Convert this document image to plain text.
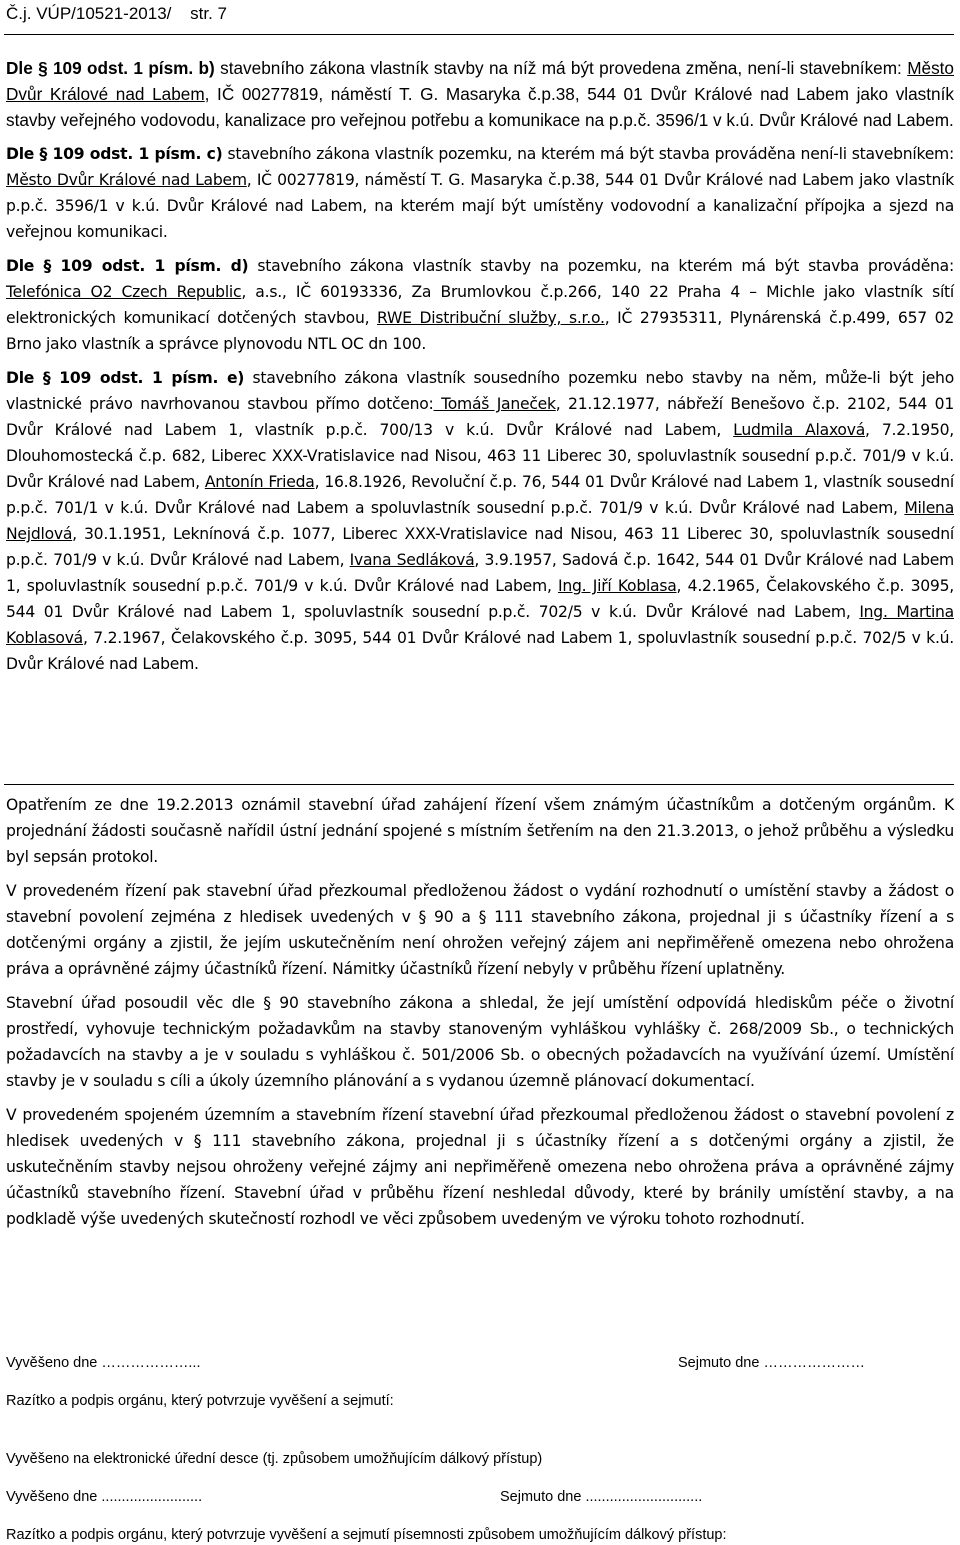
Č.j. VÚP/10521-2013/ str. 7

Dle § 109 odst. 1 písm. b) stavebního zákona vlastník stavby na níž má být provedena změna, není-li stavebníkem: Město Dvůr Králové nad Labem, IČ 00277819, náměstí T. G. Masaryka č.p.38, 544 01 Dvůr Králové nad Labem jako vlastník stavby veřejného vodovodu, kanalizace pro veřejnou potřebu a komunikace na p.p.č. 3596/1 v k.ú. Dvůr Králové nad Labem.

Dle § 109 odst. 1 písm. c) stavebního zákona vlastník pozemku, na kterém má být stavba prováděna není-li stavebníkem: Město Dvůr Králové nad Labem, IČ 00277819, náměstí T. G. Masaryka č.p.38, 544 01 Dvůr Králové nad Labem jako vlastník p.p.č. 3596/1 v k.ú. Dvůr Králové nad Labem, na kterém mají být umístěny vodovodní a kanalizační přípojka a sjezd na veřejnou komunikaci.

Dle § 109 odst. 1 písm. d) stavebního zákona vlastník stavby na pozemku, na kterém má být stavba prováděna: Telefónica O2 Czech Republic, a.s., IČ 60193336, Za Brumlovkou č.p.266, 140 22 Praha 4 – Michle jako vlastník sítí elektronických komunikací dotčených stavbou, RWE Distribuční služby, s.r.o., IČ 27935311, Plynárenská č.p.499, 657 02 Brno jako vlastník a správce plynovodu NTL OC dn 100.

Dle § 109 odst. 1 písm. e) stavebního zákona vlastník sousedního pozemku nebo stavby na něm, může-li být jeho vlastnické právo navrhovanou stavbou přímo dotčeno: Tomáš Janeček, 21.12.1977, nábřeží Benešovo č.p. 2102, 544 01 Dvůr Králové nad Labem 1, vlastník p.p.č. 700/13 v k.ú. Dvůr Králové nad Labem, Ludmila Alaxová, 7.2.1950, Dlouhomostecká č.p. 682, Liberec XXX-Vratislavice nad Nisou, 463 11 Liberec 30, spoluvlastník sousední p.p.č. 701/9 v k.ú. Dvůr Králové nad Labem, Antonín Frieda, 16.8.1926, Revoluční č.p. 76, 544 01 Dvůr Králové nad Labem 1, vlastník sousední p.p.č. 701/1 v k.ú. Dvůr Králové nad Labem a spoluvlastník sousední p.p.č. 701/9 v k.ú. Dvůr Králové nad Labem, Milena Nejdlová, 30.1.1951, Leknínová č.p. 1077, Liberec XXX-Vratislavice nad Nisou, 463 11 Liberec 30, spoluvlastník sousední p.p.č. 701/9 v k.ú. Dvůr Králové nad Labem, Ivana Sedláková, 3.9.1957, Sadová č.p. 1642, 544 01 Dvůr Králové nad Labem 1, spoluvlastník sousední p.p.č. 701/9 v k.ú. Dvůr Králové nad Labem, Ing. Jiří Koblasa, 4.2.1965, Čelakovského č.p. 3095, 544 01 Dvůr Králové nad Labem 1, spoluvlastník sousední p.p.č. 702/5 v k.ú. Dvůr Králové nad Labem, Ing. Martina Koblasová, 7.2.1967, Čelakovského č.p. 3095, 544 01 Dvůr Králové nad Labem 1, spoluvlastník sousední p.p.č. 702/5 v k.ú. Dvůr Králové nad Labem.

Opatřením ze dne 19.2.2013 oznámil stavební úřad zahájení řízení všem známým účastníkům a dotčeným orgánům. K projednání žádosti současně nařídil ústní jednání spojené s místním šetřením na den 21.3.2013, o jehož průběhu a výsledku byl sepsán protokol.

V provedeném řízení pak stavební úřad přezkoumal předloženou žádost o vydání rozhodnutí o umístění stavby a žádost o stavební povolení zejména z hledisek uvedených v § 90 a § 111 stavebního zákona, projednal ji s účastníky řízení a s dotčenými orgány a zjistil, že jejím uskutečněním není ohrožen veřejný zájem ani nepřiměřeně omezena nebo ohrožena práva a oprávněné zájmy účastníků řízení. Námitky účastníků řízení nebyly v průběhu řízení uplatněny.

Stavební úřad posoudil věc dle § 90 stavebního zákona a shledal, že její umístění odpovídá hlediskům péče o životní prostředí, vyhovuje technickým požadavkům na stavby stanoveným vyhláškou vyhlášky č. 268/2009 Sb., o technických požadavcích na stavby a je v souladu s vyhláškou č. 501/2006 Sb. o obecných požadavcích na využívání území. Umístění stavby je v souladu s cíli a úkoly územního plánování a s vydanou územně plánovací dokumentací.

V provedeném spojeném územním a stavebním řízení stavební úřad přezkoumal předloženou žádost o stavební povolení z hledisek uvedených v § 111 stavebního zákona, projednal ji s účastníky řízení a s dotčenými orgány a zjistil, že uskutečněním stavby nejsou ohroženy veřejné zájmy ani nepřiměřeně omezena nebo ohrožena práva a oprávněné zájmy účastníků stavebního řízení. Stavební úřad v průběhu řízení neshledal důvody, které by bránily umístění stavby, a na podkladě výše uvedených skutečností rozhodl ve věci způsobem uvedeným ve výroku tohoto rozhodnutí.

Vyvěšeno dne ………………...	Sejmuto dne …………………
Razítko a podpis orgánu, který potvrzuje vyvěšení a sejmutí:
Vyvěšeno na elektronické úřední desce (tj. způsobem umožňujícím dálkový přístup)
Vyvěšeno dne .........................	Sejmuto dne .............................
Razítko a podpis orgánu, který potvrzuje vyvěšení a sejmutí písemnosti způsobem umožňujícím dálkový přístup:
